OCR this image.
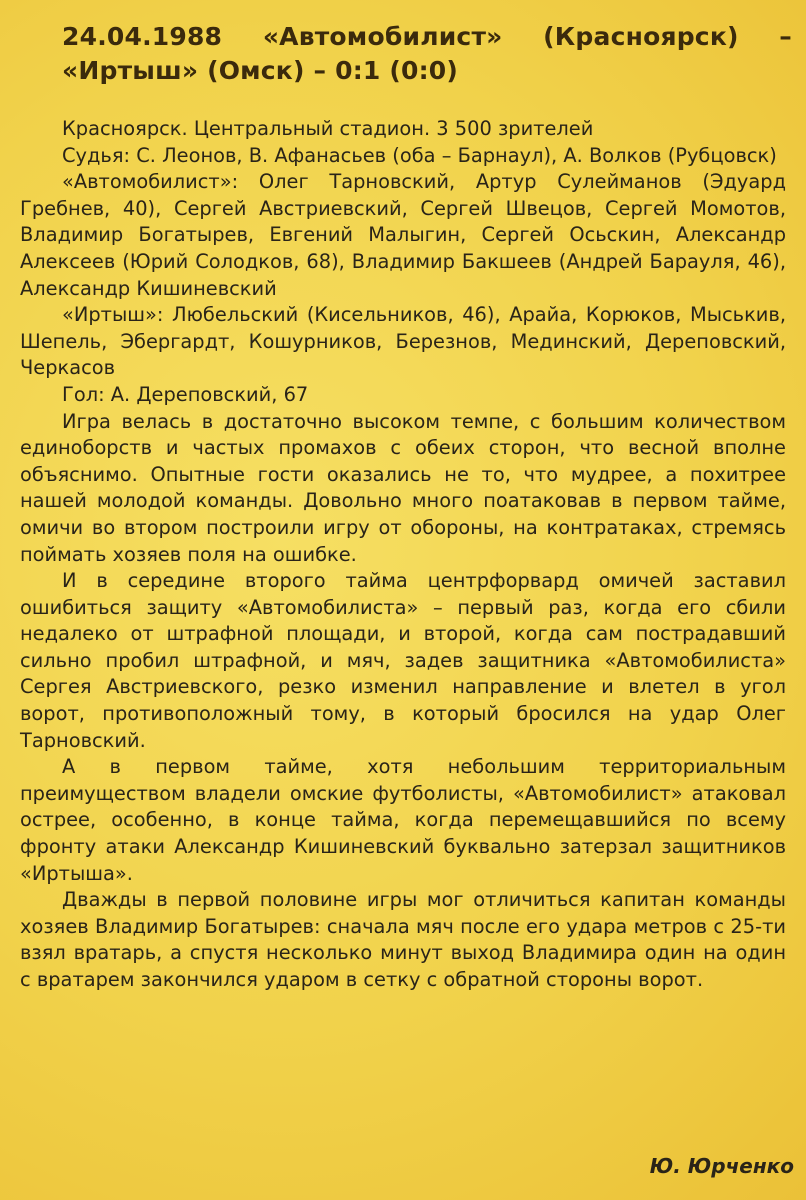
24.04.1988 «Автомобилист» (Красноярск) –
«Иртыш» (Омск) – 0:1 (0:0)

Красноярск. Центральный стадион. 3 500 зрителей

Судья: С. Леонов, В. Афанасьев (оба – Барнаул), А. Волков (Рубцовск)

«Автомобилист»: Олег Тарновский, Артур Сулейманов (Эдуард Гребнев, 40), Сергей Австриевский, Сергей Швецов, Сергей Момотов, Владимир Богатырев, Евгений Малыгин, Сергей Осьскин, Александр Алексеев (Юрий Солодков, 68), Владимир Бакшеев (Андрей Барауля, 46), Александр Кишиневский

«Иртыш»: Любельский (Кисельников, 46), Арайа, Корюков, Мыськив, Шепель, Эбергардт, Кошурников, Березнов, Мединский, Дереповский, Черкасов

Гол: А. Дереповский, 67

Игра велась в достаточно высоком темпе, с большим количеством единоборств и частых промахов с обеих сторон, что весной вполне объяснимо. Опытные гости оказались не то, что мудрее, а похитрее нашей молодой команды. Довольно много поатаковав в первом тайме, омичи во втором построили игру от обороны, на контратаках, стремясь поймать хозяев поля на ошибке.

И в середине второго тайма центрфорвард омичей заставил ошибиться защиту «Автомобилиста» – первый раз, когда его сбили недалеко от штрафной площади, и второй, когда сам пострадавший сильно пробил штрафной, и мяч, задев защитника «Автомобилиста» Сергея Австриевского, резко изменил направление и влетел в угол ворот, противоположный тому, в который бросился на удар Олег Тарновский.

А в первом тайме, хотя небольшим территориальным преимуществом владели омские футболисты, «Автомобилист» атаковал острее, особенно, в конце тайма, когда перемещавшийся по всему фронту атаки Александр Кишиневский буквально затерзал защитников «Иртыша».

Дважды в первой половине игры мог отличиться капитан команды хозяев Владимир Богатырев: сначала мяч после его удара метров с 25-ти взял вратарь, а спустя несколько минут выход Владимира один на один с вратарем закончился ударом в сетку с обратной стороны ворот.

Ю. Юрченко
